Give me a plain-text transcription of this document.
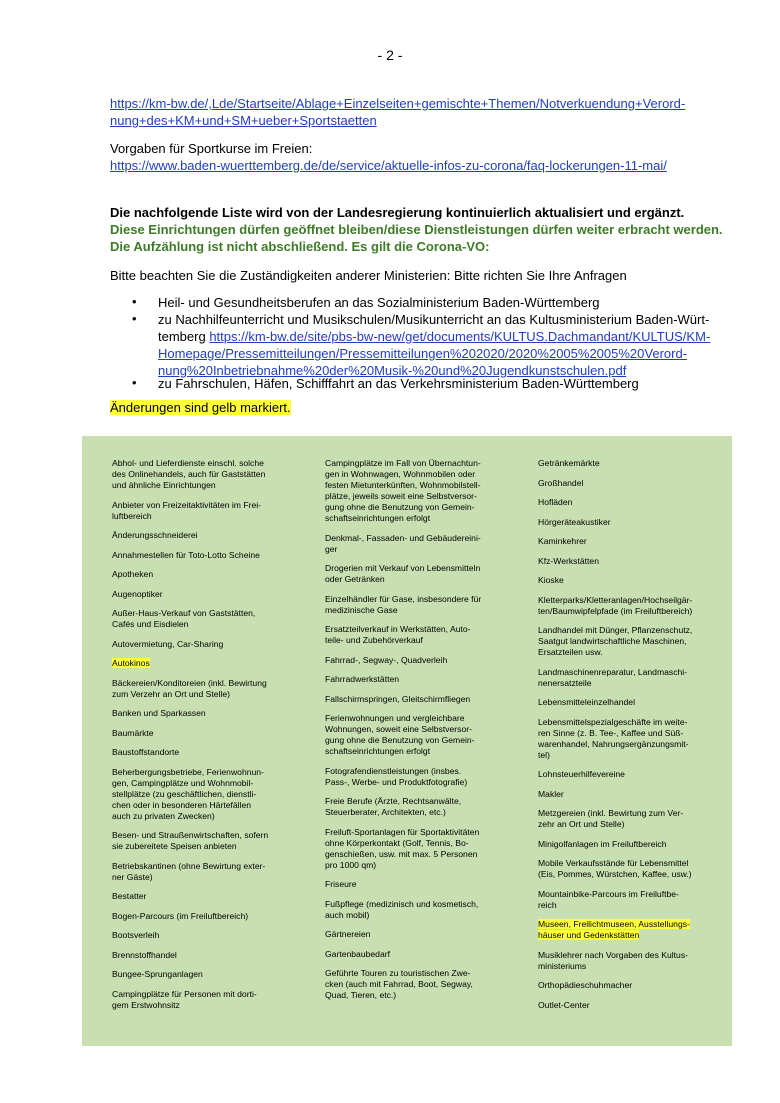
- 2 -
https://km-bw.de/,Lde/Startseite/Ablage+Einzelseiten+gemischte+Themen/Notverkuendung+Verord-
nung+des+KM+und+SM+ueber+Sportstaetten
Vorgaben für Sportkurse im Freien:
https://www.baden-wuerttemberg.de/de/service/aktuelle-infos-zu-corona/faq-lockerungen-11-mai/
Die nachfolgende Liste wird von der Landesregierung kontinuierlich aktualisiert und ergänzt.
Diese Einrichtungen dürfen geöffnet bleiben/diese Dienstleistungen dürfen weiter erbracht werden.
Die Aufzählung ist nicht abschließend. Es gilt die Corona-VO:
Bitte beachten Sie die Zuständigkeiten anderer Ministerien: Bitte richten Sie Ihre Anfragen
• Heil- und Gesundheitsberufen an das Sozialministerium Baden-Württemberg
• zu Nachhilfeunterricht und Musikschulen/Musikunterricht an das Kultusministerium Baden-Würt-
temberg https://km-bw.de/site/pbs-bw-new/get/documents/KULTUS.Dachmandant/KULTUS/KM-
Homepage/Pressemitteilungen/Pressemitteilungen%202020/2020%2005%2005%20Verord-
nung%20Inbetriebnahme%20der%20Musik-%20und%20Jugendkunstschulen.pdf
• zu Fahrschulen, Häfen, Schifffahrt an das Verkehrsministerium Baden-Württemberg
Änderungen sind gelb markiert.
Abhol- und Lieferdienste einschl. solche
des Onlinehandels, auch für Gaststätten
und ähnliche Einrichtungen
Anbieter von Freizeitaktivitäten im Frei-
luftbereich
Änderungsschneiderei
Annahmestellen für Toto-Lotto Scheine
Apotheken
Augenoptiker
Außer-Haus-Verkauf von Gaststätten,
Cafés und Eisdielen
Autovermietung, Car-Sharing
Autokinos
Bäckereien/Konditoreien (inkl. Bewirtung
zum Verzehr an Ort und Stelle)
Banken und Sparkassen
Baumärkte
Baustoffstandorte
Beherbergungsbetriebe, Ferienwohnun-
gen, Campingplätze und Wohnmobil-
stellplätze (zu geschäftlichen, dienstli-
chen oder in besonderen Härtefällen
auch zu privaten Zwecken)
Besen- und Straußenwirtschaften, sofern
sie zubereitete Speisen anbieten
Betriebskantinen (ohne Bewirtung exter-
ner Gäste)
Bestatter
Bogen-Parcours (im Freiluftbereich)
Bootsverleih
Brennstoffhandel
Bungee-Sprunganlagen
Campingplätze für Personen mit dorti-
gem Erstwohnsitz
Campingplätze im Fall von Übernachtun-
gen in Wohnwagen, Wohnmobilen oder
festen Mietunterkünften, Wohnmobilstell-
plätze, jeweils soweit eine Selbstversor-
gung ohne die Benutzung von Gemein-
schaftseinrichtungen erfolgt
Denkmal-, Fassaden- und Gebäudereini-
ger
Drogerien mit Verkauf von Lebensmitteln
oder Getränken
Einzelhändler für Gase, insbesondere für
medizinische Gase
Ersatzteilverkauf in Werkstätten, Auto-
teile- und Zubehörverkauf
Fahrrad-, Segway-, Quadverleih
Fahrradwerkstätten
Fallschirmspringen, Gleitschirmfliegen
Ferienwohnungen und vergleichbare
Wohnungen, soweit eine Selbstversor-
gung ohne die Benutzung von Gemein-
schaftseinrichtungen erfolgt
Fotografendienstleistungen (insbes.
Pass-, Werbe- und Produktfotografie)
Freie Berufe (Ärzte, Rechtsanwälte,
Steuerberater, Architekten, etc.)
Freiluft-Sportanlagen für Sportaktivitäten
ohne Körperkontakt (Golf, Tennis, Bo-
genschießen, usw. mit max. 5 Personen
pro 1000 qm)
Friseure
Fußpflege (medizinisch und kosmetisch,
auch mobil)
Gärtnereien
Gartenbaubedarf
Geführte Touren zu touristischen Zwe-
cken (auch mit Fahrrad, Boot, Segway,
Quad, Tieren, etc.)
Getränkemärkte
Großhandel
Hofläden
Hörgeräteakustiker
Kaminkehrer
Kfz-Werkstätten
Kioske
Kletterparks/Kletteranlagen/Hochseilgär-
ten/Baumwipfelpfade (im Freiluftbereich)
Landhandel mit Dünger, Pflanzenschutz,
Saatgut landwirtschaftliche Maschinen,
Ersatzteilen usw.
Landmaschinenreparatur, Landmaschi-
nenersatzteile
Lebensmitteleinzelhandel
Lebensmittelspezialgeschäfte im weite-
ren Sinne (z. B. Tee-, Kaffee und Süß-
warenhandel, Nahrungsergänzungsmit-
tel)
Lohnsteuerhilfevereine
Makler
Metzgereien (inkl. Bewirtung zum Ver-
zehr an Ort und Stelle)
Minigolfanlagen im Freiluftbereich
Mobile Verkaufsstände für Lebensmittel
(Eis, Pommes, Würstchen, Kaffee, usw.)
Mountainbike-Parcours im Freiluftbe-
reich
Museen, Freilichtmuseen, Ausstellungs-
häuser und Gedenkstätten
Musiklehrer nach Vorgaben des Kultus-
ministeriums
Orthopädieschuhmacher
Outlet-Center
